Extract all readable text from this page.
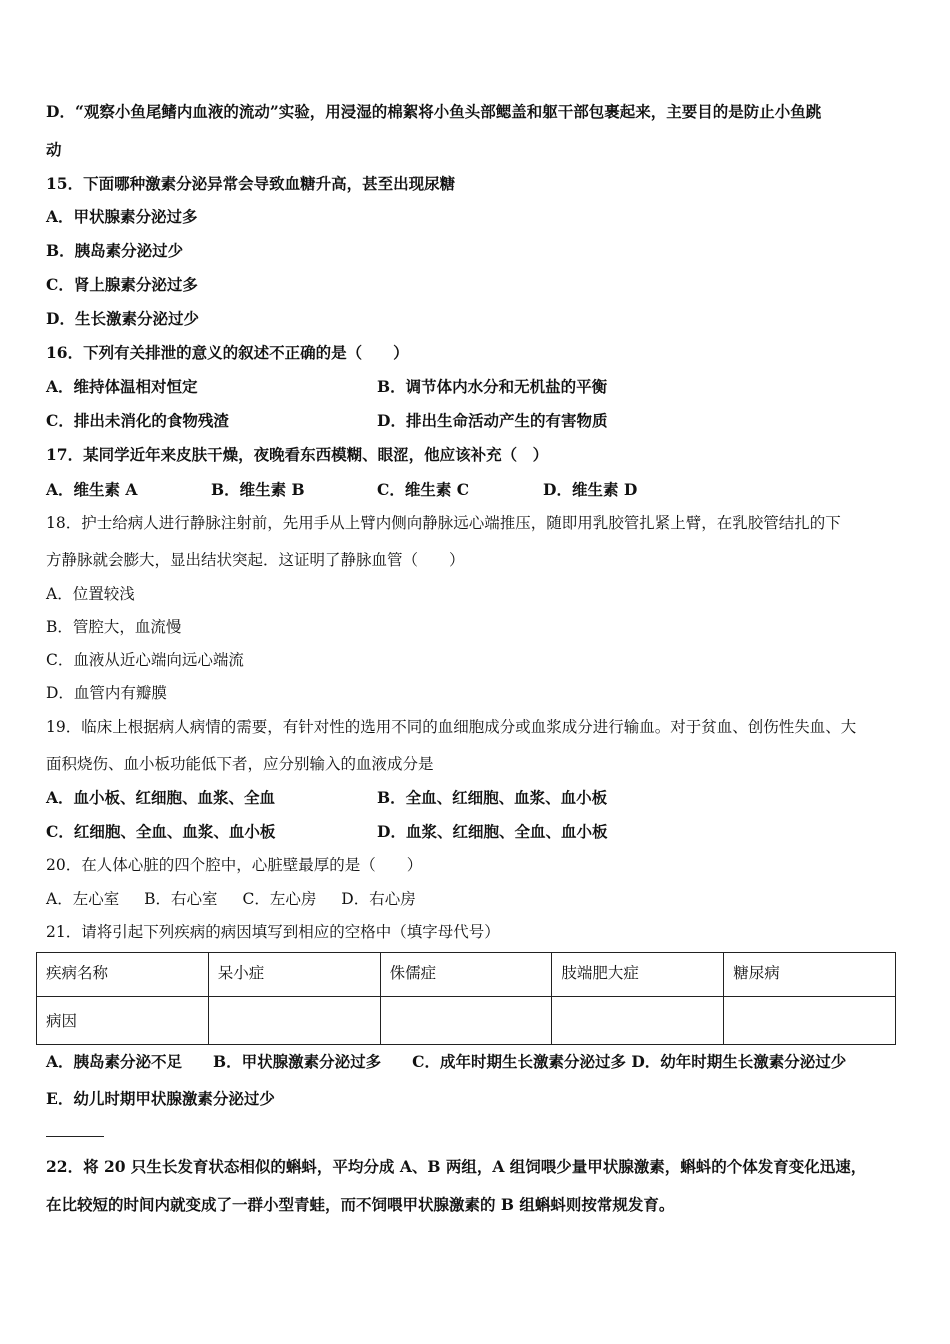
D．“观察小鱼尾鳍内血液的流动”实验，用浸湿的棉絮将小鱼头部鳃盖和躯干部包裹起来，主要目的是防止小鱼跳
动
15．下面哪种激素分泌异常会导致血糖升高，甚至出现尿糖
A．甲状腺素分泌过多
B．胰岛素分泌过少
C．肾上腺素分泌过多
D．生长激素分泌过少
16．下列有关排泄的意义的叙述不正确的是（　　）
A．维持体温相对恒定	B．调节体内水分和无机盐的平衡
C．排出未消化的食物残渣	D．排出生命活动产生的有害物质
17．某同学近年来皮肤干燥，夜晚看东西模糊、眼涩，他应该补充（　）
A．维生素 A	B．维生素 B	C．维生素 C	D．维生素 D
18．护士给病人进行静脉注射前，先用手从上臂内侧向静脉远心端推压，随即用乳胶管扎紧上臂，在乳胶管结扎的下
方静脉就会膨大，显出结状突起．这证明了静脉血管（　　）
A．位置较浅
B．管腔大，血流慢
C．血液从近心端向远心端流
D．血管内有瓣膜
19．临床上根据病人病情的需要，有针对性的选用不同的血细胞成分或血浆成分进行输血。对于贫血、创伤性失血、大
面积烧伤、血小板功能低下者，应分别输入的血液成分是
A．血小板、红细胞、血浆、全血	B．全血、红细胞、血浆、血小板
C．红细胞、全血、血浆、血小板	D．血浆、红细胞、全血、血小板
20．在人体心脏的四个腔中，心脏壁最厚的是（　　）
A．左心室 B．右心室 C．左心房 D．右心房
21．请将引起下列疾病的病因填写到相应的空格中（填字母代号）
疾病名称	呆小症	侏儒症	肢端肥大症	糖尿病
病因				
A．胰岛素分泌不足　　B．甲状腺激素分泌过多　　C．成年时期生长激素分泌过多 D．幼年时期生长激素分泌过少
E．幼儿时期甲状腺激素分泌过少
22．将 20 只生长发育状态相似的蝌蚪，平均分成 A、B 两组，A 组饲喂少量甲状腺激素，蝌蚪的个体发育变化迅速，
在比较短的时间内就变成了一群小型青蛙，而不饲喂甲状腺激素的 B 组蝌蚪则按常规发育。
